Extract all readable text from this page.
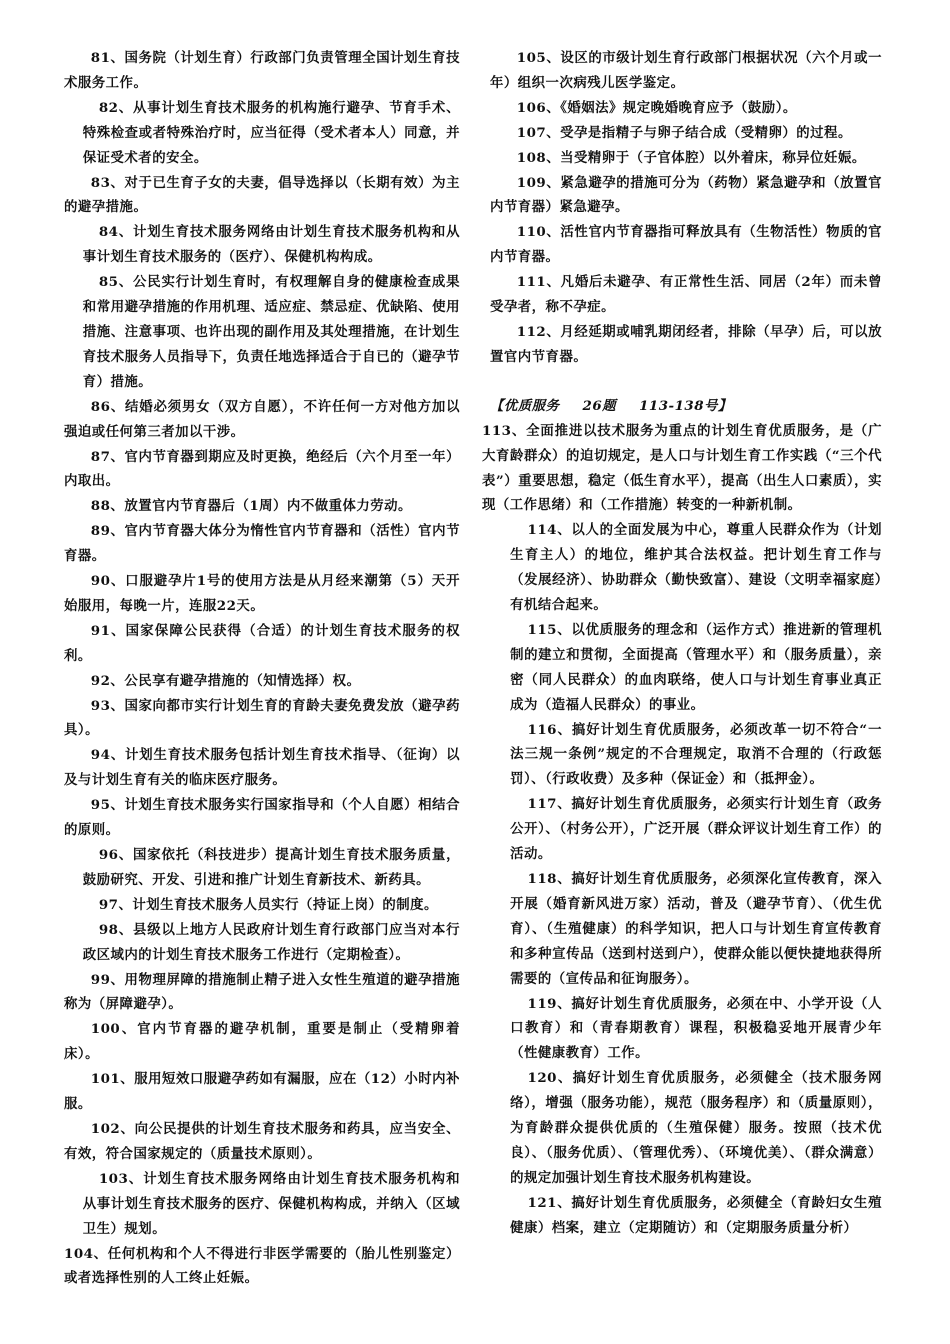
81、国务院（计划生育）行政部门负责管理全国计划生育技术服务工作。

82、从事计划生育技术服务的机构施行避孕、节育手术、特殊检查或者特殊治疗时，应当征得（受术者本人）同意，并保证受术者的安全。

83、对于已生育子女的夫妻，倡导选择以（长期有效）为主的避孕措施。

84、计划生育技术服务网络由计划生育技术服务机构和从事计划生育技术服务的（医疗）、保健机构构成。

85、公民实行计划生育时，有权理解自身的健康检查成果和常用避孕措施的作用机理、适应症、禁忌症、优缺陷、使用措施、注意事项、也许出现的副作用及其处理措施，在计划生育技术服务人员指导下，负责任地选择适合于自已的（避孕节育）措施。

86、结婚必须男女（双方自愿），不许任何一方对他方加以强迫或任何第三者加以干涉。

87、官内节育器到期应及时更换，绝经后（六个月至一年）内取出。

88、放置官内节育器后（1周）内不做重体力劳动。

89、官内节育器大体分为惰性官内节育器和（活性）官内节育器。

90、口服避孕片1号的使用方法是从月经来潮第（5）天开始服用，每晚一片，连服22天。

91、国家保障公民获得（合适）的计划生育技术服务的权利。

92、公民享有避孕措施的（知情选择）权。

93、国家向都市实行计划生育的育龄夫妻免费发放（避孕药具）。

94、计划生育技术服务包括计划生育技术指导、（征询）以及与计划生育有关的临床医疗服务。

95、计划生育技术服务实行国家指导和（个人自愿）相结合的原则。

96、国家依托（科技进步）提高计划生育技术服务质量，鼓励研究、开发、引进和推广计划生育新技术、新药具。

97、计划生育技术服务人员实行（持证上岗）的制度。

98、县级以上地方人民政府计划生育行政部门应当对本行政区域内的计划生育技术服务工作进行（定期检查）。

99、用物理屏障的措施制止精子进入女性生殖道的避孕措施称为（屏障避孕）。

100、官内节育器的避孕机制，重要是制止（受精卵着床）。

101、服用短效口服避孕药如有漏服，应在（12）小时内补服。

102、向公民提供的计划生育技术服务和药具，应当安全、有效，符合国家规定的（质量技术原则）。

103、计划生育技术服务网络由计划生育技术服务机构和从事计划生育技术服务的医疗、保健机构构成，并纳入（区域卫生）规划。

104、任何机构和个人不得进行非医学需要的（胎儿性别鉴定）或者选择性别的人工终止妊娠。

105、设区的市级计划生育行政部门根据状况（六个月或一年）组织一次病残儿医学鉴定。

106、《婚姻法》规定晚婚晚育应予（鼓励）。

107、受孕是指精子与卵子结合成（受精卵）的过程。

108、当受精卵于（子官体腔）以外着床，称异位妊娠。

109、紧急避孕的措施可分为（药物）紧急避孕和（放置官内节育器）紧急避孕。

110、活性官内节育器指可释放具有（生物活性）物质的官内节育器。

111、凡婚后未避孕、有正常性生活、同居（2年）而未曾受孕者，称不孕症。

112、月经延期或哺乳期闭经者，排除（早孕）后，可以放置官内节育器。

【优质服务　 26题 　113-138号】

113、全面推进以技术服务为重点的计划生育优质服务，是（广大育龄群众）的迫切规定，是人口与计划生育工作实践（“三个代表”）重要思想，稳定（低生育水平），提高（出生人口素质），实现（工作思绪）和（工作措施）转变的一种新机制。

114、以人的全面发展为中心，尊重人民群众作为（计划生育主人）的地位，维护其合法权益。把计划生育工作与（发展经济）、协助群众（勤快致富）、建设（文明幸福家庭）有机结合起来。

115、以优质服务的理念和（运作方式）推进新的管理机制的建立和贯彻，全面提高（管理水平）和（服务质量），亲密（同人民群众）的血肉联络，使人口与计划生育事业真正成为（造福人民群众）的事业。

116、搞好计划生育优质服务，必须改革一切不符合“一法三规一条例”规定的不合理规定，取消不合理的（行政惩罚）、（行政收费）及多种（保证金）和（抵押金）。

117、搞好计划生育优质服务，必须实行计划生育（政务公开）、（村务公开），广泛开展（群众评议计划生育工作）的活动。

118、搞好计划生育优质服务，必须深化宣传教育，深入开展（婚育新风进万家）活动，普及（避孕节育）、（优生优育）、（生殖健康）的科学知识，把人口与计划生育宣传教育和多种宣传品（送到村送到户），使群众能以便快捷地获得所需要的（宣传品和征询服务）。

119、搞好计划生育优质服务，必须在中、小学开设（人口教育）和（青春期教育）课程，积极稳妥地开展青少年（性健康教育）工作。

120、搞好计划生育优质服务，必须健全（技术服务网络），增强（服务功能），规范（服务程序）和（质量原则），为育龄群众提供优质的（生殖保健）服务。按照（技术优良）、（服务优质）、（管理优秀）、（环境优美）、（群众满意）的规定加强计划生育技术服务机构建设。

121、搞好计划生育优质服务，必须健全（育龄妇女生殖健康）档案，建立（定期随访）和（定期服务质量分析）
